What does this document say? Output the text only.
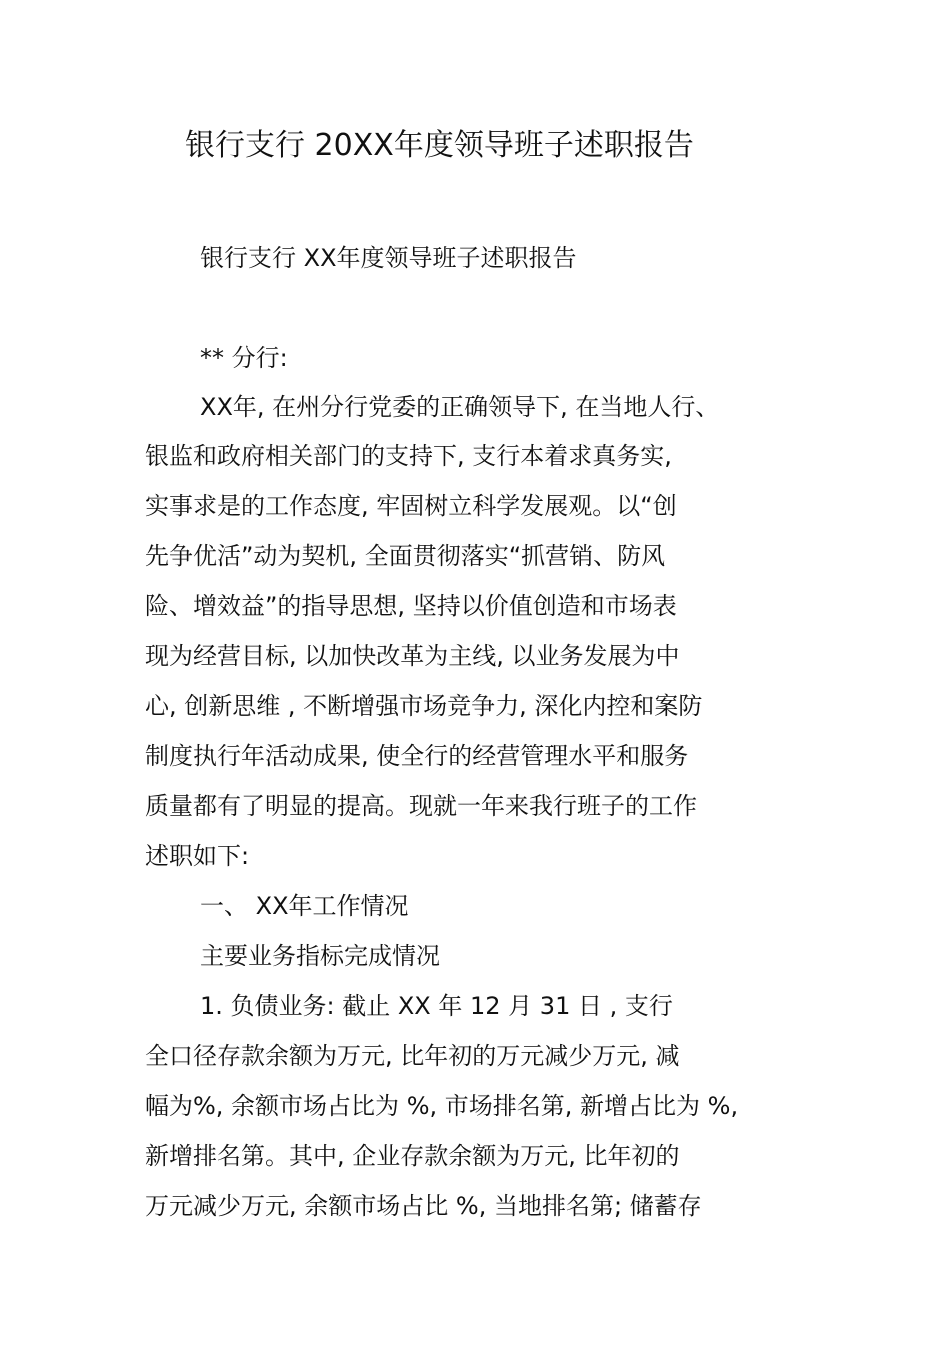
银行支行 20XX年度领导班子述职报告
银行支行 XX年度领导班子述职报告
** 分行:
XX年, 在州分行党委的正确领导下, 在当地人行、
银监和政府相关部门的支持下, 支行本着求真务实,
实事求是的工作态度, 牢固树立科学发展观。以“创
先争优活”动为契机, 全面贯彻落实“抓营销、防风
险、增效益”的指导思想, 坚持以价值创造和市场表
现为经营目标, 以加快改革为主线, 以业务发展为中
心, 创新思维 , 不断增强市场竞争力, 深化内控和案防
制度执行年活动成果, 使全行的经营管理水平和服务
质量都有了明显的提高。现就一年来我行班子的工作
述职如下:
一、 XX年工作情况
主要业务指标完成情况
1. 负债业务: 截止 XX 年 12 月 31 日 , 支行
全口径存款余额为万元, 比年初的万元减少万元, 减
幅为%, 余额市场占比为 %, 市场排名第, 新增占比为 %,
新增排名第。其中, 企业存款余额为万元, 比年初的
万元减少万元, 余额市场占比 %, 当地排名第; 储蓄存
